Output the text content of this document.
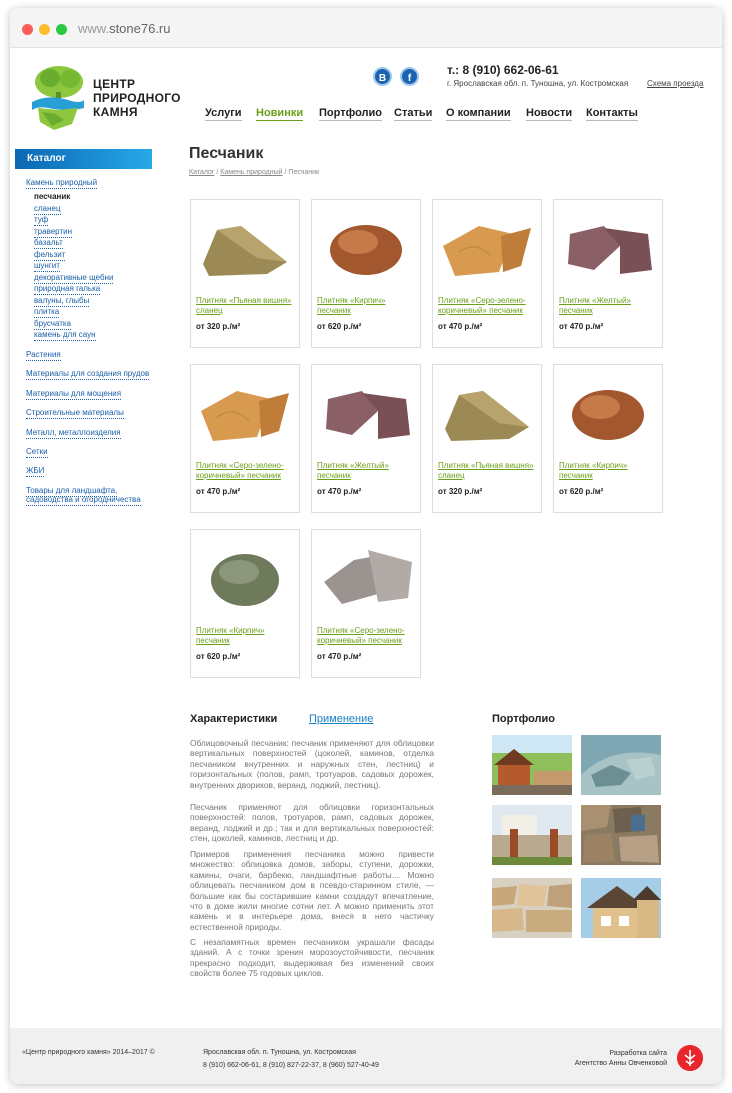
www.stone76.ru
ЦЕНТР
ПРИРОДНОГО
КАМНЯ
B	f
т.: 8 (910) 662-06-61
г. Ярославская обл. п. Туношна, ул. Костромская Схема проезда
Услуги Новинки Портфолио Статьи О компании Новости Контакты
Каталог
Камень природный
песчаник
сланец
туф
травертин
базальт
фельзит
шунгит
декоративные щебни
природная галька
валуны, глыбы
плитка
брусчатка
камень для саун
Растения
Материалы для создания прудов
Материалы для мощения
Строительные материалы
Металл, металлоизделия
Сетки
ЖБИ
Товары для ландшафта,
садоводства и огородничества
Песчаник
Каталог / Камень природный / Песчаник
Плитняк «Пьяная вишня»
сланец
от 320 р./м²
Плитняк «Кирпич»
песчаник
от 620 р./м²
Плитняк «Серо-зелено-
коричневый» песчаник
от 470 р./м²
Плитняк «Желтый»
песчаник
от 470 р./м²
Плитняк «Серо-зелено-
коричневый» песчаник
от 470 р./м²
Плитняк «Желтый»
песчаник
от 470 р./м²
Плитняк «Пьяная вишня»
сланец
от 320 р./м²
Плитняк «Кирпич»
песчаник
от 620 р./м²
Плитняк «Кирпич»
песчаник
от 620 р./м²
Плитняк «Серо-зелено-
коричневый» песчаник
от 470 р./м²
Характеристики	Применение

Облицовочный песчаник: песчаник применяют для облицовки вертикальных поверхностей (цоколей, каминов, отделка песчаником внутренних и наружных стен, лестниц) и горизонтальных (полов, рамп, тротуаров, садовых дорожек, внутренних двориков, веранд, лоджий, лестниц).

Песчаник применяют для облицовки горизонтальных поверхностей: полов, тротуаров, рамп, садовых дорожек, веранд, лоджий и др.; так и для вертикальных поверхностей: стен, цоколей, каминов, лестниц и др.

Примеров применения песчаника можно привести множество: облицовка домов, заборы, ступени, дорожки, камины, очаги, барбекю, ландшафтные работы.... Можно облицевать песчаником дом в псевдо-старинном стиле, — большие как бы состарившие камни создадут впечатление, что в доме жили многие сотни лет. А можно применить этот камень и в интерьере дома, внеся в него частичку естественной природы.

С незапамятных времен песчаником украшали фасады зданий. А с точки зрения морозоустойчивости, песчаник прекрасно подходит, выдерживая без изменений своих свойств более 75 годовых циклов.

Портфолио
«Центр природного камня» 2014–2017 ©	Ярославская обл. п. Туношна, ул. Костромская
8 (910) 662-06-61, 8 (910) 827-22-37, 8 (960) 527-40-49
Разработка сайта
Агентство Анны Овченковой
